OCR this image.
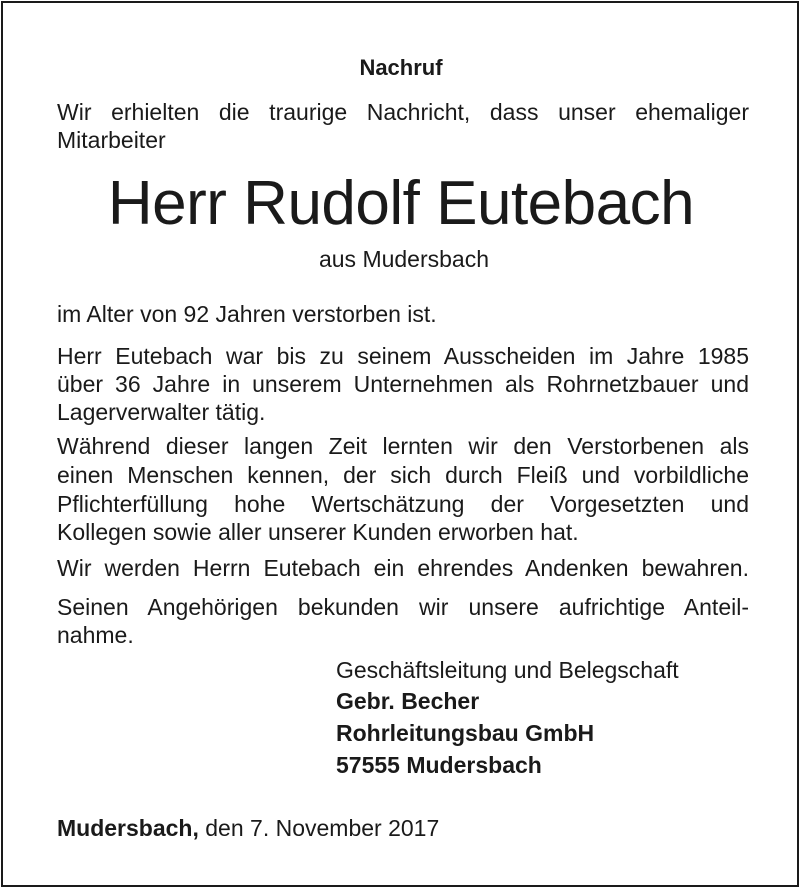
Nachruf
Wir erhielten die traurige Nachricht, dass unser ehemaliger
Mitarbeiter
Herr Rudolf Eutebach
aus Mudersbach
im Alter von 92 Jahren verstorben ist.
Herr Eutebach war bis zu seinem Ausscheiden im Jahre 1985
über 36 Jahre in unserem Unternehmen als Rohrnetzbauer und
Lagerverwalter tätig.
Während dieser langen Zeit lernten wir den Verstorbenen als
einen Menschen kennen, der sich durch Fleiß und vorbildliche
Pflichterfüllung hohe Wertschätzung der Vorgesetzten und
Kollegen sowie aller unserer Kunden erworben hat.
Wir werden Herrn Eutebach ein ehrendes Andenken bewahren.
Seinen Angehörigen bekunden wir unsere aufrichtige Anteil-
nahme.
Geschäftsleitung und Belegschaft
Gebr. Becher
Rohrleitungsbau GmbH
57555 Mudersbach
Mudersbach, den 7. November 2017
